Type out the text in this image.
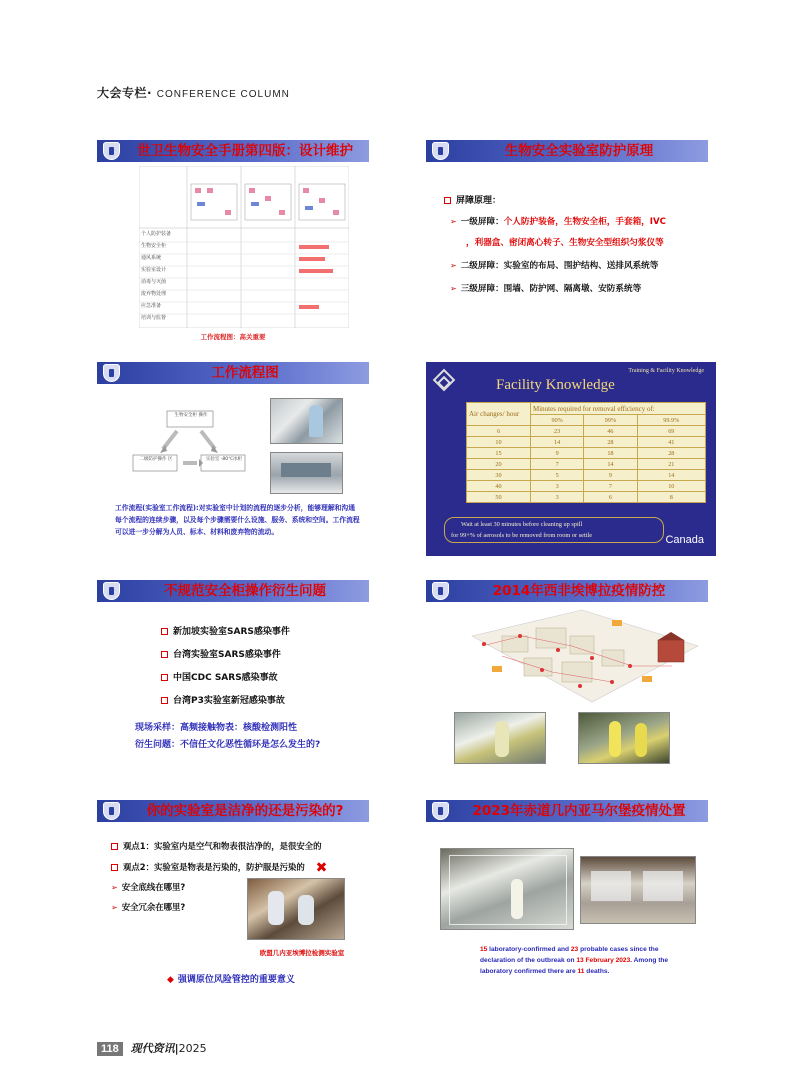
大会专栏· CONFERENCE COLUMN
世卫生物安全手册第四版：设计维护
个人防护装备
生物安全柜
通风系统
实验室设计
消毒与灭菌
废弃物处理
应急准备
培训与监督
工作流程图：高关重要
生物安全实验室防护原理
屏障原理：
➢ 一级屏障：个人防护装备，生物安全柜，手套箱，IVC
，利器盒、密闭离心转子、生物安全型组织匀浆仪等
➢ 二级屏障：实验室的布局、围护结构、送排风系统等
➢ 三级屏障：围墙、防护网、隔离墩、安防系统等
工作流程图
生物安全柜 操作
二级防护操作 区	实验室 -80℃冰柜
工作流程(实验室工作流程):对实验室中计划的流程的逐步分析，能够理解和沟通每个流程的连续步骤，以及每个步骤需要什么设施、服务、系统和空间。工作流程可以进一步分解为人员、标本、材料和废弃物的流动。
Training & Facility Knowledge
Facility Knowledge
Air changes/ hour	Minutes required for removal efficiency of:		
	90%	99%	99.9%
6	23	46	69
10	14	28	41
15	9	18	28
20	7	14	21
30	5	9	14
40	3	7	10
50	3	6	8
Wait at least 30 minutes before cleaning up spill
for 99+% of aerosols to be removed from room or settle	Canada
不规范安全柜操作衍生问题
新加坡实验室SARS感染事件
台湾实验室SARS感染事件
中国CDC SARS感染事故
台湾P3实验室新冠感染事故
现场采样：高频接触物表：核酸检测阳性
衍生问题：不信任文化恶性循环是怎么发生的?
2014年西非埃博拉疫情防控
你的实验室是洁净的还是污染的?
观点1：实验室内是空气和物表很洁净的，是很安全的
观点2：实验室是物表是污染的，防护服是污染的 ✖
➢ 安全底线在哪里?
➢ 安全冗余在哪里?
欧盟几内亚埃博拉检测实验室
◆ 强调原位风险管控的重要意义
2023年赤道几内亚马尔堡疫情处置
15 laboratory-confirmed and 23 probable cases since the declaration of the outbreak on 13 February 2023. Among the laboratory confirmed there are 11 deaths.
118 现代资讯|2025
